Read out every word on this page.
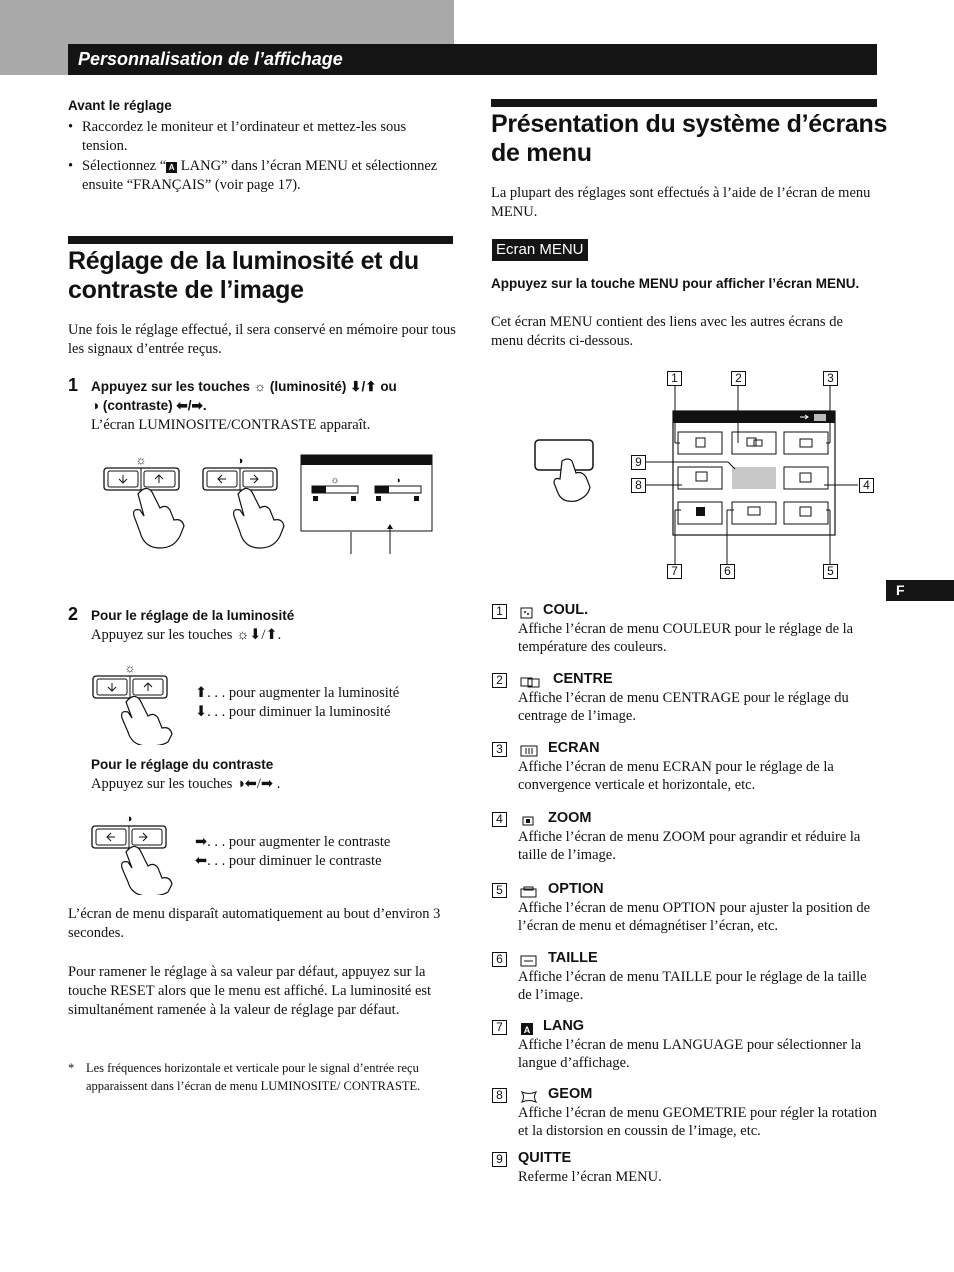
Personnalisation de l’affichage
F
Avant le réglage
• Raccordez le moniteur et l’ordinateur et mettez-les sous tension.
• Sélectionnez “ A LANG” dans l’écran MENU et sélectionnez ensuite “FRANÇAIS” (voir page 17).
Réglage de la luminosité et du
contraste de l’image
Une fois le réglage effectué, il sera conservé en mémoire pour tous les signaux d’entrée reçus.
1 Appuyez sur les touches ☼ (luminosité) ⬇/⬆ ou
◑ (contraste) ⬅/➡.
L’écran LUMINOSITE/CONTRASTE apparaît.
☼	◑
☼	◑
2 Pour le réglage de la luminosité
Appuyez sur les touches ☼⬇/⬆.
☼
⬆. . . pour augmenter la luminosité
⬇. . . pour diminuer la luminosité
Pour le réglage du contraste
Appuyez sur les touches ◑⬅/➡ .
◑
➡. . . pour augmenter le contraste
⬅. . . pour diminuer le contraste
L’écran de menu disparaît automatiquement au bout d’environ 3 secondes.
Pour ramener le réglage à sa valeur par défaut, appuyez sur la touche RESET alors que le menu est affiché. La luminosité est simultanément ramenée à la valeur de réglage par défaut.
* Les fréquences horizontale et verticale pour le signal d’entrée reçu apparaissent dans l’écran de menu LUMINOSITE/ CONTRASTE.
Présentation du système d’écrans
de menu
La plupart des réglages sont effectués à l’aide de l’écran de menu MENU.
Ecran MENU
Appuyez sur la touche MENU pour afficher l’écran MENU.
Cet écran MENU contient des liens avec les autres écrans de menu décrits ci-dessous.
1	2	3
4
5
6
7
8
9
1	COUL.
Affiche l’écran de menu COULEUR pour le réglage de la température des couleurs.
2	CENTRE
Affiche l’écran de menu CENTRAGE pour le réglage du centrage de l’image.
3	ECRAN
Affiche l’écran de menu ECRAN pour le réglage de la convergence verticale et horizontale, etc.
4	ZOOM
Affiche l’écran de menu ZOOM pour agrandir et réduire la taille de l’image.
5	OPTION
Affiche l’écran de menu OPTION pour ajuster la position de l’écran de menu et démagnétiser l’écran, etc.
6	TAILLE
Affiche l’écran de menu TAILLE pour le réglage de la taille de l’image.
7	A LANG
Affiche l’écran de menu LANGUAGE pour sélectionner la langue d’affichage.
8	GEOM
Affiche l’écran de menu GEOMETRIE pour régler la rotation et la distorsion en coussin de l’image, etc.
9 QUITTE
Referme l’écran MENU.
